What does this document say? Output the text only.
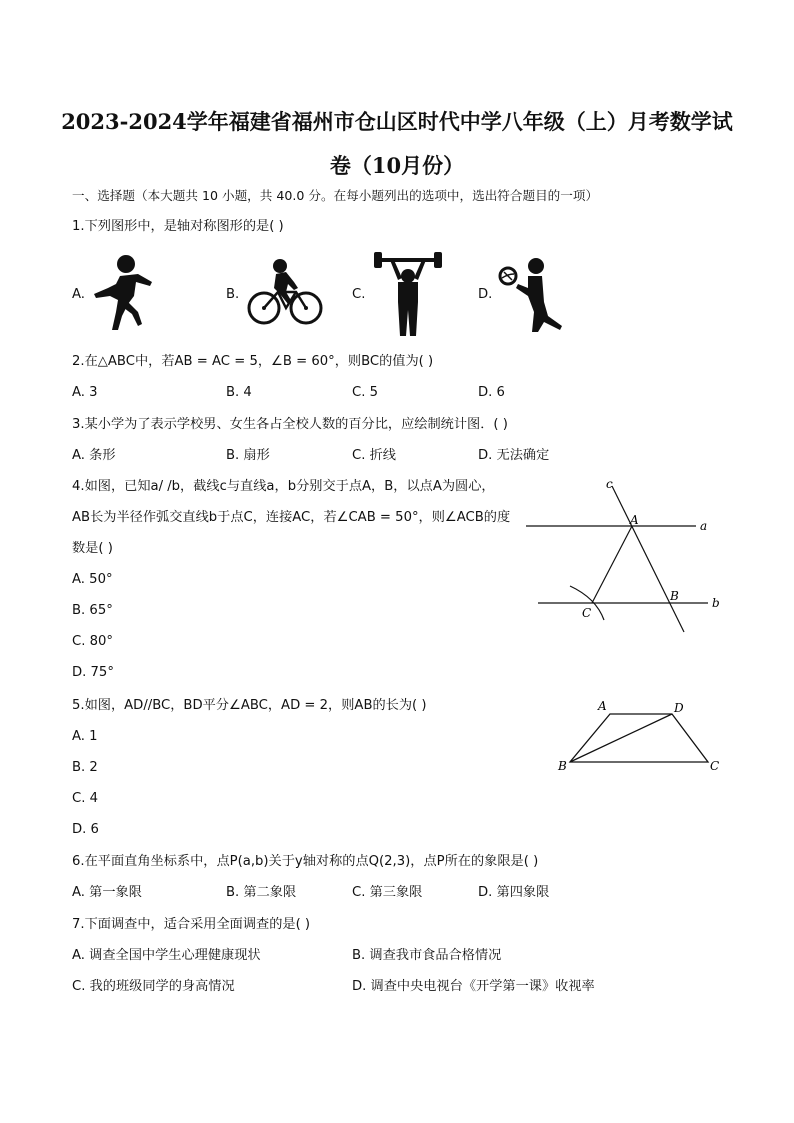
2023-2024学年福建省福州市仓山区时代中学八年级（上）月考数学试
卷（10月份）
一、选择题（本大题共 10 小题，共 40.0 分。在每小题列出的选项中，选出符合题目的一项）
1.下列图形中，是轴对称图形的是( )
A.	B.	C.	D.
2.在△ABC中，若AB = AC = 5，∠B = 60°，则BC的值为( )
A. 3	B. 4	C. 5	D. 6
3.某小学为了表示学校男、女生各占全校人数的百分比，应绘制统计图．( )
A. 条形	B. 扇形	C. 折线	D. 无法确定
4.如图，已知a/ /b，截线c与直线a，b分别交于点A，B，以点A为圆心，
AB长为半径作弧交直线b于点C，连接AC，若∠CAB = 50°，则∠ACB的度
数是( )
A. 50°
B. 65°
C. 80°
D. 75°
c
a
b
A
B
C
5.如图，AD//BC，BD平分∠ABC，AD = 2，则AB的长为( )
A. 1
B. 2
C. 4
D. 6
A	D
B	C
6.在平面直角坐标系中，点P(a,b)关于y轴对称的点Q(2,3)，点P所在的象限是( )
A. 第一象限	B. 第二象限	C. 第三象限	D. 第四象限
7.下面调查中，适合采用全面调查的是( )
A. 调查全国中学生心理健康现状	B. 调查我市食品合格情况
C. 我的班级同学的身高情况	D. 调查中央电视台《开学第一课》收视率
